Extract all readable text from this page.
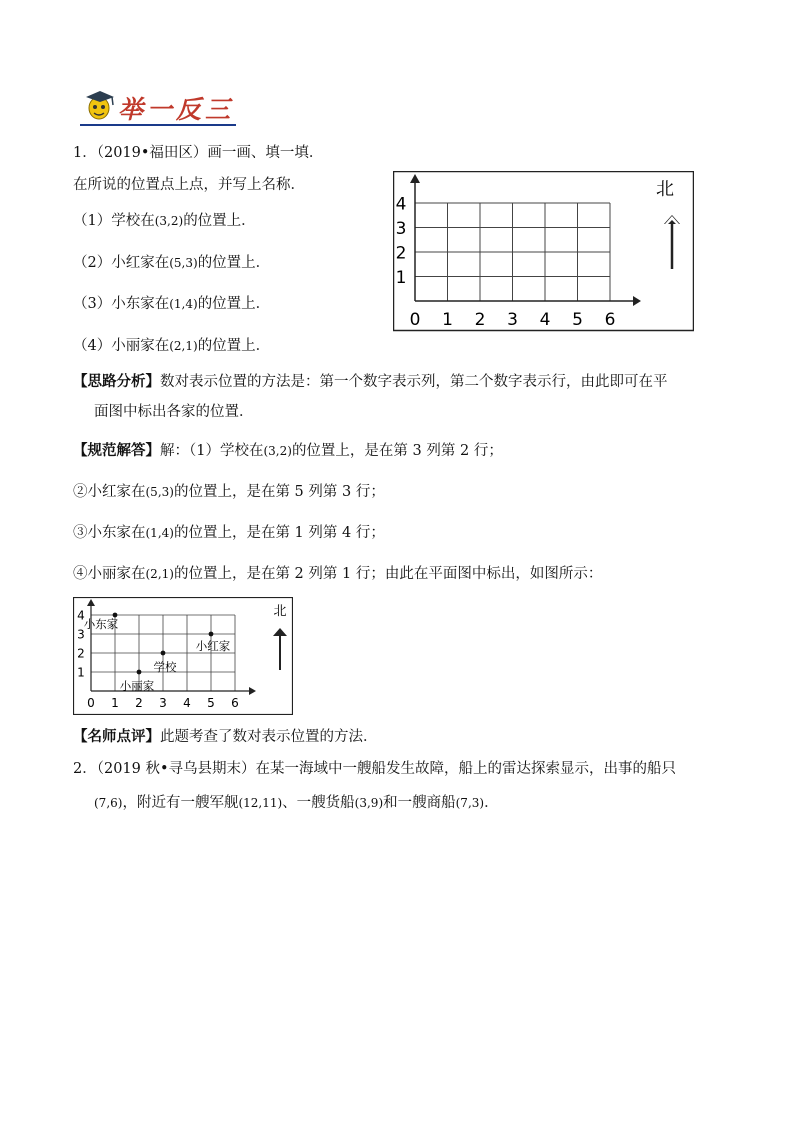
举一反三
1．（2019•福田区）画一画、填一填．
在所说的位置点上点，并写上名称．
（1）学校在(3,2)的位置上．
（2）小红家在(5,3)的位置上．
（3）小东家在(1,4)的位置上．
（4）小丽家在(2,1)的位置上．
0 1 2 3 4 5 6
1
2
3
4
北
【思路分析】数对表示位置的方法是：第一个数字表示列，第二个数字表示行，由此即可在平
面图中标出各家的位置．
【规范解答】解：（1）学校在(3,2)的位置上，是在第 3 列第 2 行；
②小红家在(5,3)的位置上，是在第 5 列第 3 行；
③小东家在(1,4)的位置上，是在第 1 列第 4 行；
④小丽家在(2,1)的位置上，是在第 2 列第 1 行；由此在平面图中标出，如图所示：
0 1 2 3 4 5 6
1
2
3
4
小东家
小红家
学校
小丽家
北
【名师点评】此题考查了数对表示位置的方法．
2．（2019 秋•寻乌县期末）在某一海域中一艘船发生故障，船上的雷达探索显示，出事的船只
(7,6)，附近有一艘军舰(12,11)、一艘货船(3,9)和一艘商船(7,3)．
